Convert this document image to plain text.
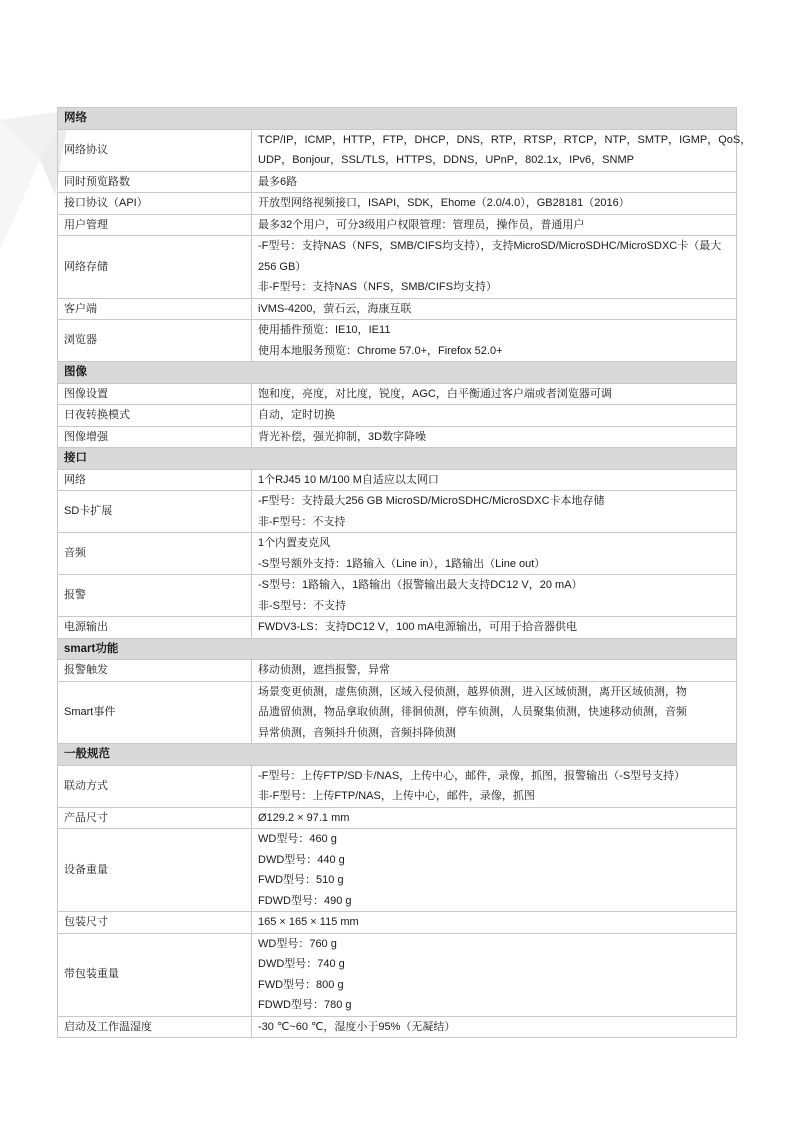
网络	
网络协议	TCP/IP，ICMP，HTTP，FTP，DHCP，DNS，RTP，RTSP，RTCP，NTP，SMTP，IGMP，QoS，
UDP，Bonjour，SSL/TLS，HTTPS，DDNS，UPnP，802.1x，IPv6，SNMP

同时预览路数	最多6路

接口协议（API）	开放型网络视频接口，ISAPI，SDK，Ehome（2.0/4.0），GB28181（2016）

用户管理	最多32个用户，可分3级用户权限管理：管理员，操作员，普通用户

网络存储	-F型号：支持NAS（NFS，SMB/CIFS均支持），支持MicroSD/MicroSDHC/MicroSDXC卡（最大
256 GB）
非-F型号：支持NAS（NFS，SMB/CIFS均支持）

客户端	iVMS-4200，萤石云，海康互联

浏览器	使用插件预览：IE10，IE11
使用本地服务预览：Chrome 57.0+，Firefox 52.0+

图像	
图像设置	饱和度，亮度，对比度，锐度，AGC，白平衡通过客户端或者浏览器可调

日夜转换模式	自动，定时切换

图像增强	背光补偿，强光抑制，3D数字降噪

接口	
网络	1个RJ45 10 M/100 M自适应以太网口

SD卡扩展	-F型号：支持最大256 GB MicroSD/MicroSDHC/MicroSDXC卡本地存储
非-F型号：不支持

音频	1个内置麦克风
-S型号额外支持：1路输入（Line in），1路输出（Line out）

报警	-S型号：1路输入，1路输出（报警输出最大支持DC12 V，20 mA）
非-S型号：不支持

电源输出	FWDV3-LS：支持DC12 V，100 mA电源输出，可用于拾音器供电

smart功能	
报警触发	移动侦测，遮挡报警，异常

Smart事件	场景变更侦测，虚焦侦测，区域入侵侦测，越界侦测，进入区域侦测，离开区域侦测，物
品遗留侦测，物品拿取侦测，徘徊侦测，停车侦测，人员聚集侦测，快速移动侦测，音频
异常侦测，音频抖升侦测，音频抖降侦测

一般规范	
联动方式	-F型号：上传FTP/SD卡/NAS，上传中心，邮件，录像，抓图，报警输出（-S型号支持）
非-F型号：上传FTP/NAS，上传中心，邮件，录像，抓图

产品尺寸	Ø129.2 × 97.1 mm

设备重量	WD型号：460 g
DWD型号：440 g
FWD型号：510 g
FDWD型号：490 g

包装尺寸	165 × 165 × 115 mm

带包装重量	WD型号：760 g
DWD型号：740 g
FWD型号：800 g
FDWD型号：780 g

启动及工作温湿度	-30 ℃~60 ℃，湿度小于95%（无凝结）
